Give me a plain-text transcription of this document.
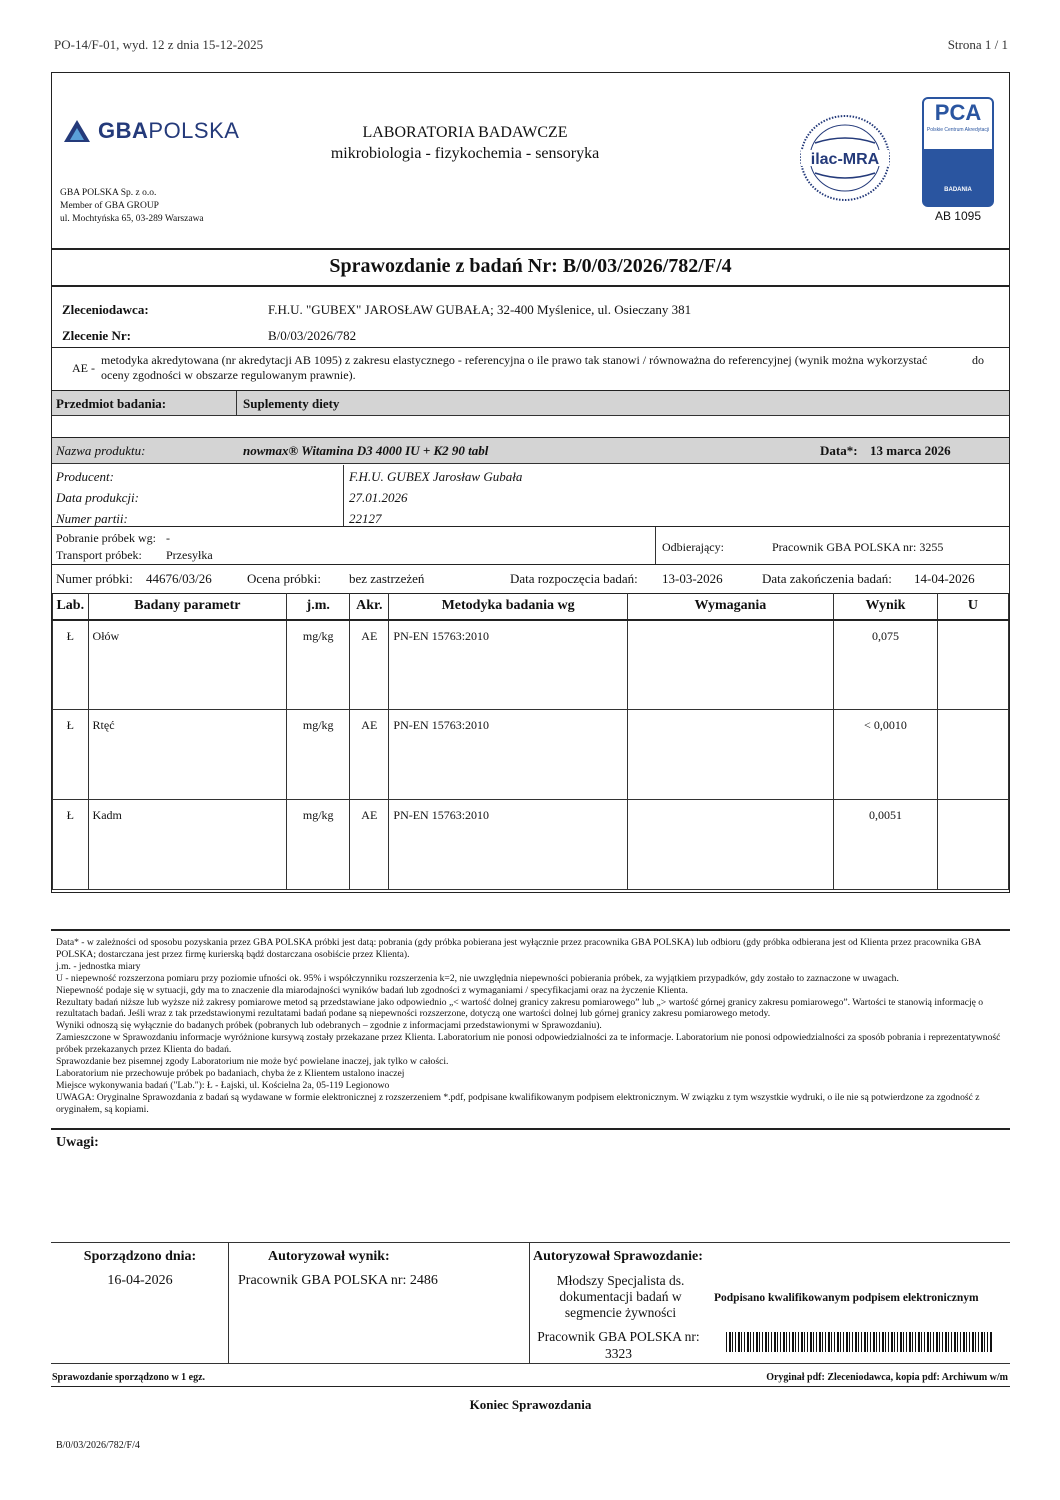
PO-14/F-01, wyd. 12 z dnia 15-12-2025	Strona 1 / 1
GBAPOLSKA
GBA POLSKA Sp. z o.o.
Member of GBA GROUP
ul. Mochtyńska 65, 03-289 Warszawa
LABORATORIA BADAWCZE
mikrobiologia - fizykochemia - sensoryka	ilac-MRA
PCA
Polskie Centrum Akredytacji
BADANIA
AB 1095
Sprawozdanie z badań Nr: B/0/03/2026/782/F/4
Zleceniodawca:	F.H.U. "GUBEX" JAROSŁAW GUBAŁA; 32-400 Myślenice, ul. Osieczany 381
Zlecenie Nr:	B/0/03/2026/782
AE -
metodyka akredytowana (nr akredytacji AB 1095) z zakresu elastycznego - referencyjna o ile prawo tak stanowi / równoważna do referencyjnej (wynik można wykorzystać
oceny zgodności w obszarze regulowanym prawnie).
do
Przedmiot badania:	Suplementy diety
Nazwa produktu:	nowmax® Witamina D3 4000 IU + K2 90 tabl	Data*: 13 marca 2026
Producent:	F.H.U. GUBEX Jarosław Gubała
Data produkcji:	27.01.2026
Numer partii:	22127
Pobranie próbek wg: -
Transport próbek: Przesyłka
Odbierający:	Pracownik GBA POLSKA nr: 3255
Numer próbki: 44676/03/26	Ocena próbki: bez zastrzeżeń	Data rozpoczęcia badań: 13-03-2026	Data zakończenia badań: 14-04-2026
Lab.	Badany parametr	j.m.	Akr.	Metodyka badania wg	Wymagania	Wynik	U
Ł	Ołów	mg/kg	AE	PN-EN 15763:2010		0,075	
Ł	Rtęć	mg/kg	AE	PN-EN 15763:2010		< 0,0010	
Ł	Kadm	mg/kg	AE	PN-EN 15763:2010		0,0051	
Data* - w zależności od sposobu pozyskania przez GBA POLSKA próbki jest datą: pobrania (gdy próbka pobierana jest wyłącznie przez pracownika GBA POLSKA) lub odbioru (gdy próbka odbierana jest od Klienta przez pracownika GBA POLSKA; dostarczana jest przez firmę kurierską bądź dostarczana osobiście przez Klienta).
j.m. - jednostka miary
U - niepewność rozszerzona pomiaru przy poziomie ufności ok. 95% i współczynniku rozszerzenia k=2, nie uwzględnia niepewności pobierania próbek, za wyjątkiem przypadków, gdy zostało to zaznaczone w uwagach.
Niepewność podaje się w sytuacji, gdy ma to znaczenie dla miarodajności wyników badań lub zgodności z wymaganiami / specyfikacjami oraz na życzenie Klienta.
Rezultaty badań niższe lub wyższe niż zakresy pomiarowe metod są przedstawiane jako odpowiednio „< wartość dolnej granicy zakresu pomiarowego” lub „> wartość górnej granicy zakresu pomiarowego”. Wartości te stanowią informację o rezultatach badań. Jeśli wraz z tak przedstawionymi rezultatami badań podane są niepewności rozszerzone, dotyczą one wartości dolnej lub górnej granicy zakresu pomiarowego metody.
Wyniki odnoszą się wyłącznie do badanych próbek (pobranych lub odebranych – zgodnie z informacjami przedstawionymi w Sprawozdaniu).
Zamieszczone w Sprawozdaniu informacje wyróżnione kursywą zostały przekazane przez Klienta. Laboratorium nie ponosi odpowiedzialności za te informacje. Laboratorium nie ponosi odpowiedzialności za sposób pobrania i reprezentatywność próbek przekazanych przez Klienta do badań.
Sprawozdanie bez pisemnej zgody Laboratorium nie może być powielane inaczej, jak tylko w całości.
Laboratorium nie przechowuje próbek po badaniach, chyba że z Klientem ustalono inaczej
Miejsce wykonywania badań ("Lab."): Ł - Łajski, ul. Kościelna 2a, 05-119 Legionowo
UWAGA: Oryginalne Sprawozdania z badań są wydawane w formie elektronicznej z rozszerzeniem *.pdf, podpisane kwalifikowanym podpisem elektronicznym. W związku z tym wszystkie wydruki, o ile nie są potwierdzone za zgodność z oryginałem, są kopiami.
Uwagi:
Sporządzono dnia:
16-04-2026
Autoryzował wynik:
Pracownik GBA POLSKA nr: 2486
Autoryzował Sprawozdanie:
Młodszy Specjalista ds.
dokumentacji badań w
segmencie żywności
Pracownik GBA POLSKA nr:
3323
Podpisano kwalifikowanym podpisem elektronicznym
Sprawozdanie sporządzono w 1 egz.	Oryginał pdf: Zleceniodawca, kopia pdf: Archiwum w/m
Koniec Sprawozdania
B/0/03/2026/782/F/4
